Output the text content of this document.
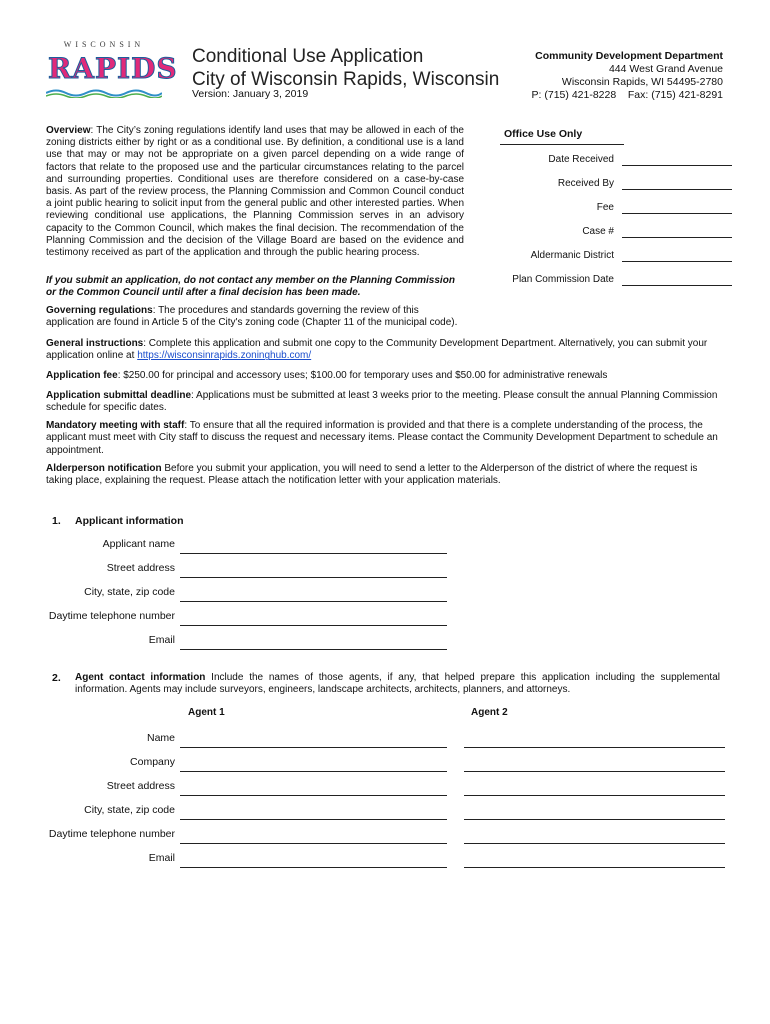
WISCONSIN
RAPIDS Conditional Use Application
City of Wisconsin Rapids, Wisconsin
Version: January 3, 2019
Community Development Department
444 West Grand Avenue
Wisconsin Rapids, WI 54495-2780
P: (715) 421-8228    Fax: (715) 421-8291
Overview: The City’s zoning regulations identify land uses that may be allowed in each of the zoning districts either by right or as a conditional use. By definition, a conditional use is a land use that may or may not be appropriate on a given parcel depending on a wide range of factors that relate to the proposed use and the particular circumstances relating to the parcel and surrounding properties. Conditional uses are therefore considered on a case-by-case basis. As part of the review process, the Planning Commission and Common Council conduct a joint public hearing to solicit input from the general public and other interested parties. When reviewing conditional use applications, the Planning Commission serves in an advisory capacity to the Common Council, which makes the final decision. The recommendation of the Planning Commission and the decision of the Village Board are based on the evidence and testimony received as part of the application and through the public hearing process.
If you submit an application, do not contact any member on the Planning Commission or the Common Council until after a final decision has been made.
Office Use Only
Date Received
Received By
Fee
Case #
Aldermanic District
Plan Commission Date
Governing regulations: The procedures and standards governing the review of this application are found in Article 5 of the City's zoning code (Chapter 11 of the municipal code).
General instructions: Complete this application and submit one copy to the Community Development Department. Alternatively, you can submit your application online at https://wisconsinrapids.zoninghub.com/
Application fee: $250.00 for principal and accessory uses; $100.00 for temporary uses and $50.00 for administrative renewals
Application submittal deadline: Applications must be submitted at least 3 weeks prior to the meeting. Please consult the annual Planning Commission schedule for specific dates.
Mandatory meeting with staff: To ensure that all the required information is provided and that there is a complete understanding of the process, the applicant must meet with City staff to discuss the request and necessary items. Please contact the Community Development Department to schedule an appointment.
Alderperson notification Before you submit your application, you will need to send a letter to the Alderperson of the district of where the request is taking place, explaining the request. Please attach the notification letter with your application materials.
1. Applicant information
Applicant name
Street address
City, state, zip code
Daytime telephone number
Email
2. Agent contact information Include the names of those agents, if any, that helped prepare this application including the supplemental information. Agents may include surveyors, engineers, landscape architects, architects, planners, and attorneys.
Agent 1	Agent 2
Name
Company
Street address
City, state, zip code
Daytime telephone number
Email
